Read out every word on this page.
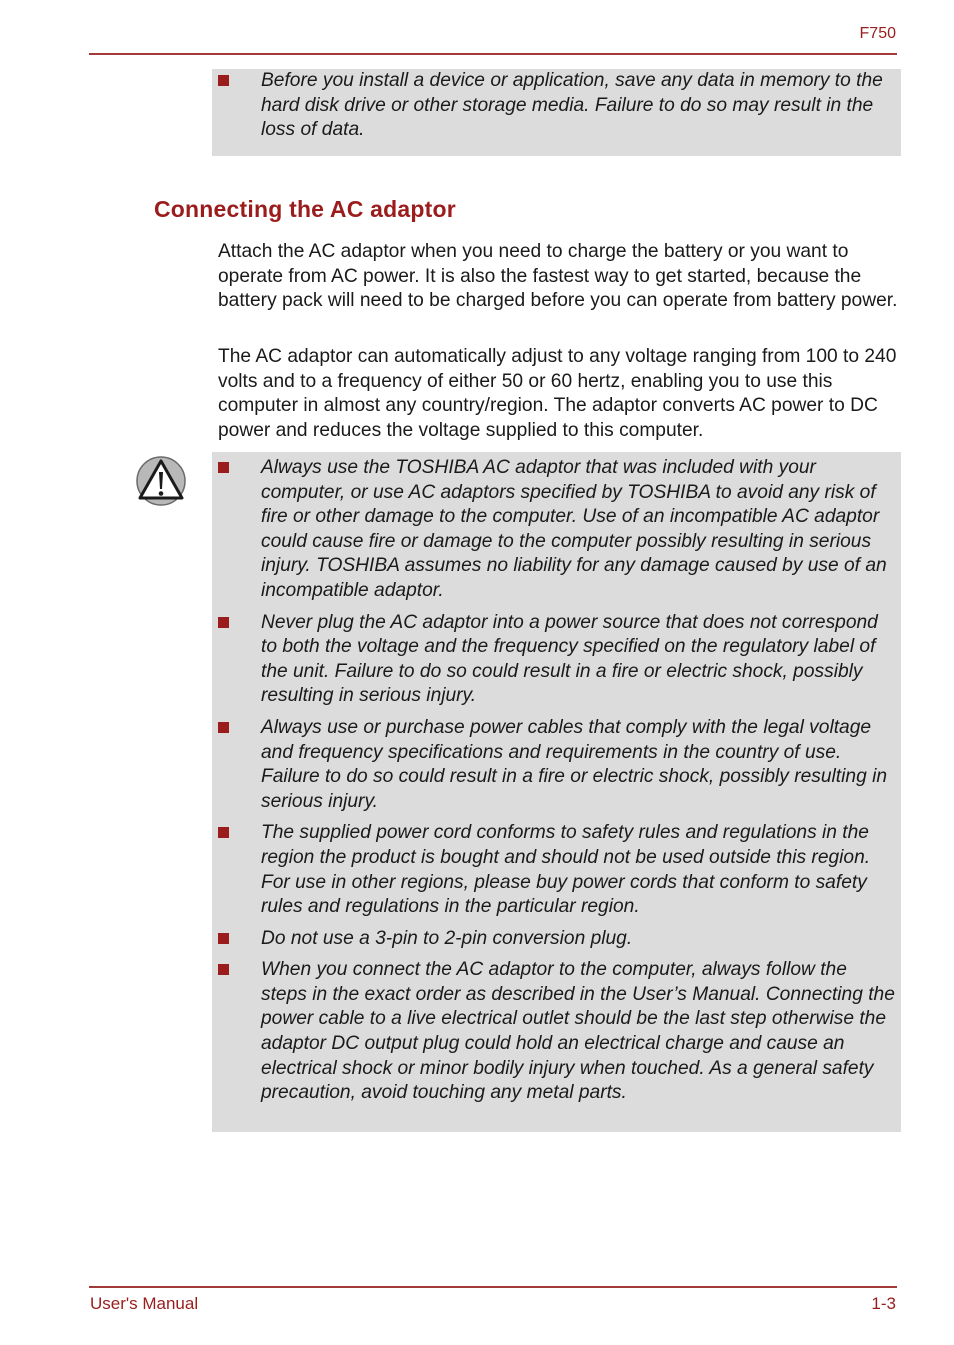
F750
Before you install a device or application, save any data in memory to the hard disk drive or other storage media. Failure to do so may result in the loss of data.
Connecting the AC adaptor
Attach the AC adaptor when you need to charge the battery or you want to operate from AC power. It is also the fastest way to get started, because the battery pack will need to be charged before you can operate from battery power.
The AC adaptor can automatically adjust to any voltage ranging from 100 to 240 volts and to a frequency of either 50 or 60 hertz, enabling you to use this computer in almost any country/region. The adaptor converts AC power to DC power and reduces the voltage supplied to this computer.
Always use the TOSHIBA AC adaptor that was included with your computer, or use AC adaptors specified by TOSHIBA to avoid any risk of fire or other damage to the computer. Use of an incompatible AC adaptor could cause fire or damage to the computer possibly resulting in serious injury. TOSHIBA assumes no liability for any damage caused by use of an incompatible adaptor.
Never plug the AC adaptor into a power source that does not correspond to both the voltage and the frequency specified on the regulatory label of the unit. Failure to do so could result in a fire or electric shock, possibly resulting in serious injury.
Always use or purchase power cables that comply with the legal voltage and frequency specifications and requirements in the country of use. Failure to do so could result in a fire or electric shock, possibly resulting in serious injury.
The supplied power cord conforms to safety rules and regulations in the region the product is bought and should not be used outside this region. For use in other regions, please buy power cords that conform to safety rules and regulations in the particular region.
Do not use a 3-pin to 2-pin conversion plug.
When you connect the AC adaptor to the computer, always follow the steps in the exact order as described in the User’s Manual. Connecting the power cable to a live electrical outlet should be the last step otherwise the adaptor DC output plug could hold an electrical charge and cause an electrical shock or minor bodily injury when touched. As a general safety precaution, avoid touching any metal parts.
User's Manual	1-3
